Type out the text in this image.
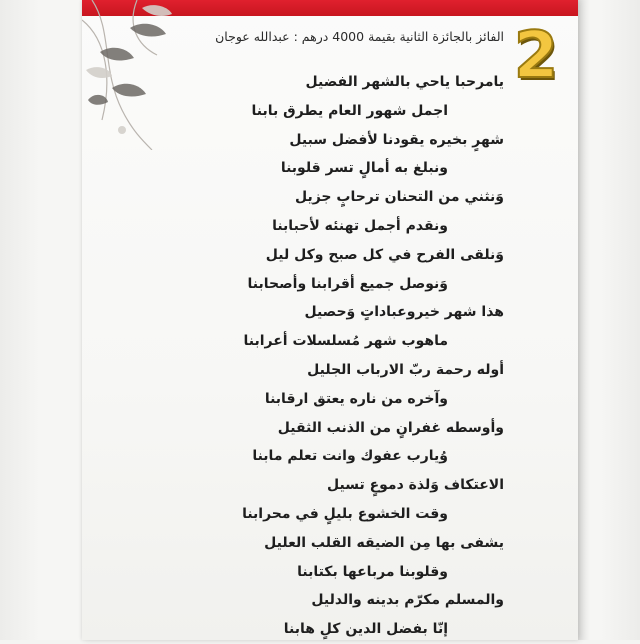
2
الفائز بالجائزة الثانية بقيمة 4000 درهم : عبدالله عوجان
يامرحبا ياحي بالشهر الفضيل
اجمل شهور العام يطرق بابنا
شهرٍ بخيره يقودنا لأفضل سبيل
ونبلغ به أمالٍ تسر قلوبنا
وَنثني من التحنان ترحابٍ جزيل
ونقدم أجمل تهنئه لأحبابنا
وَنلقى الفرح في كل صبح وكل ليل
وَنوصل جميع أقرابنا وأصحابنا
هذا شهر خيروعباداتٍ وَحصيل
ماهوب شهر مُسلسلات أعرابنا
أوله رحمة ربّ الارباب الجليل
وآخره من ناره يعتق ارقابنا
وأوسطه غفرانٍ من الذنب الثقيل
وُيارب عفوك وانت تعلم مابنا
الاعتكاف وَلذة دموعٍ تسيل
وقت الخشوع بليلٍ في محرابنا
يشفى بها مِن الضيقه القلب العليل
وقلوبنا مرباعها بكتابنا
والمسلم مكرّم بدينه والدليل
إنّا بفضل الدين كلٍ هابنا
